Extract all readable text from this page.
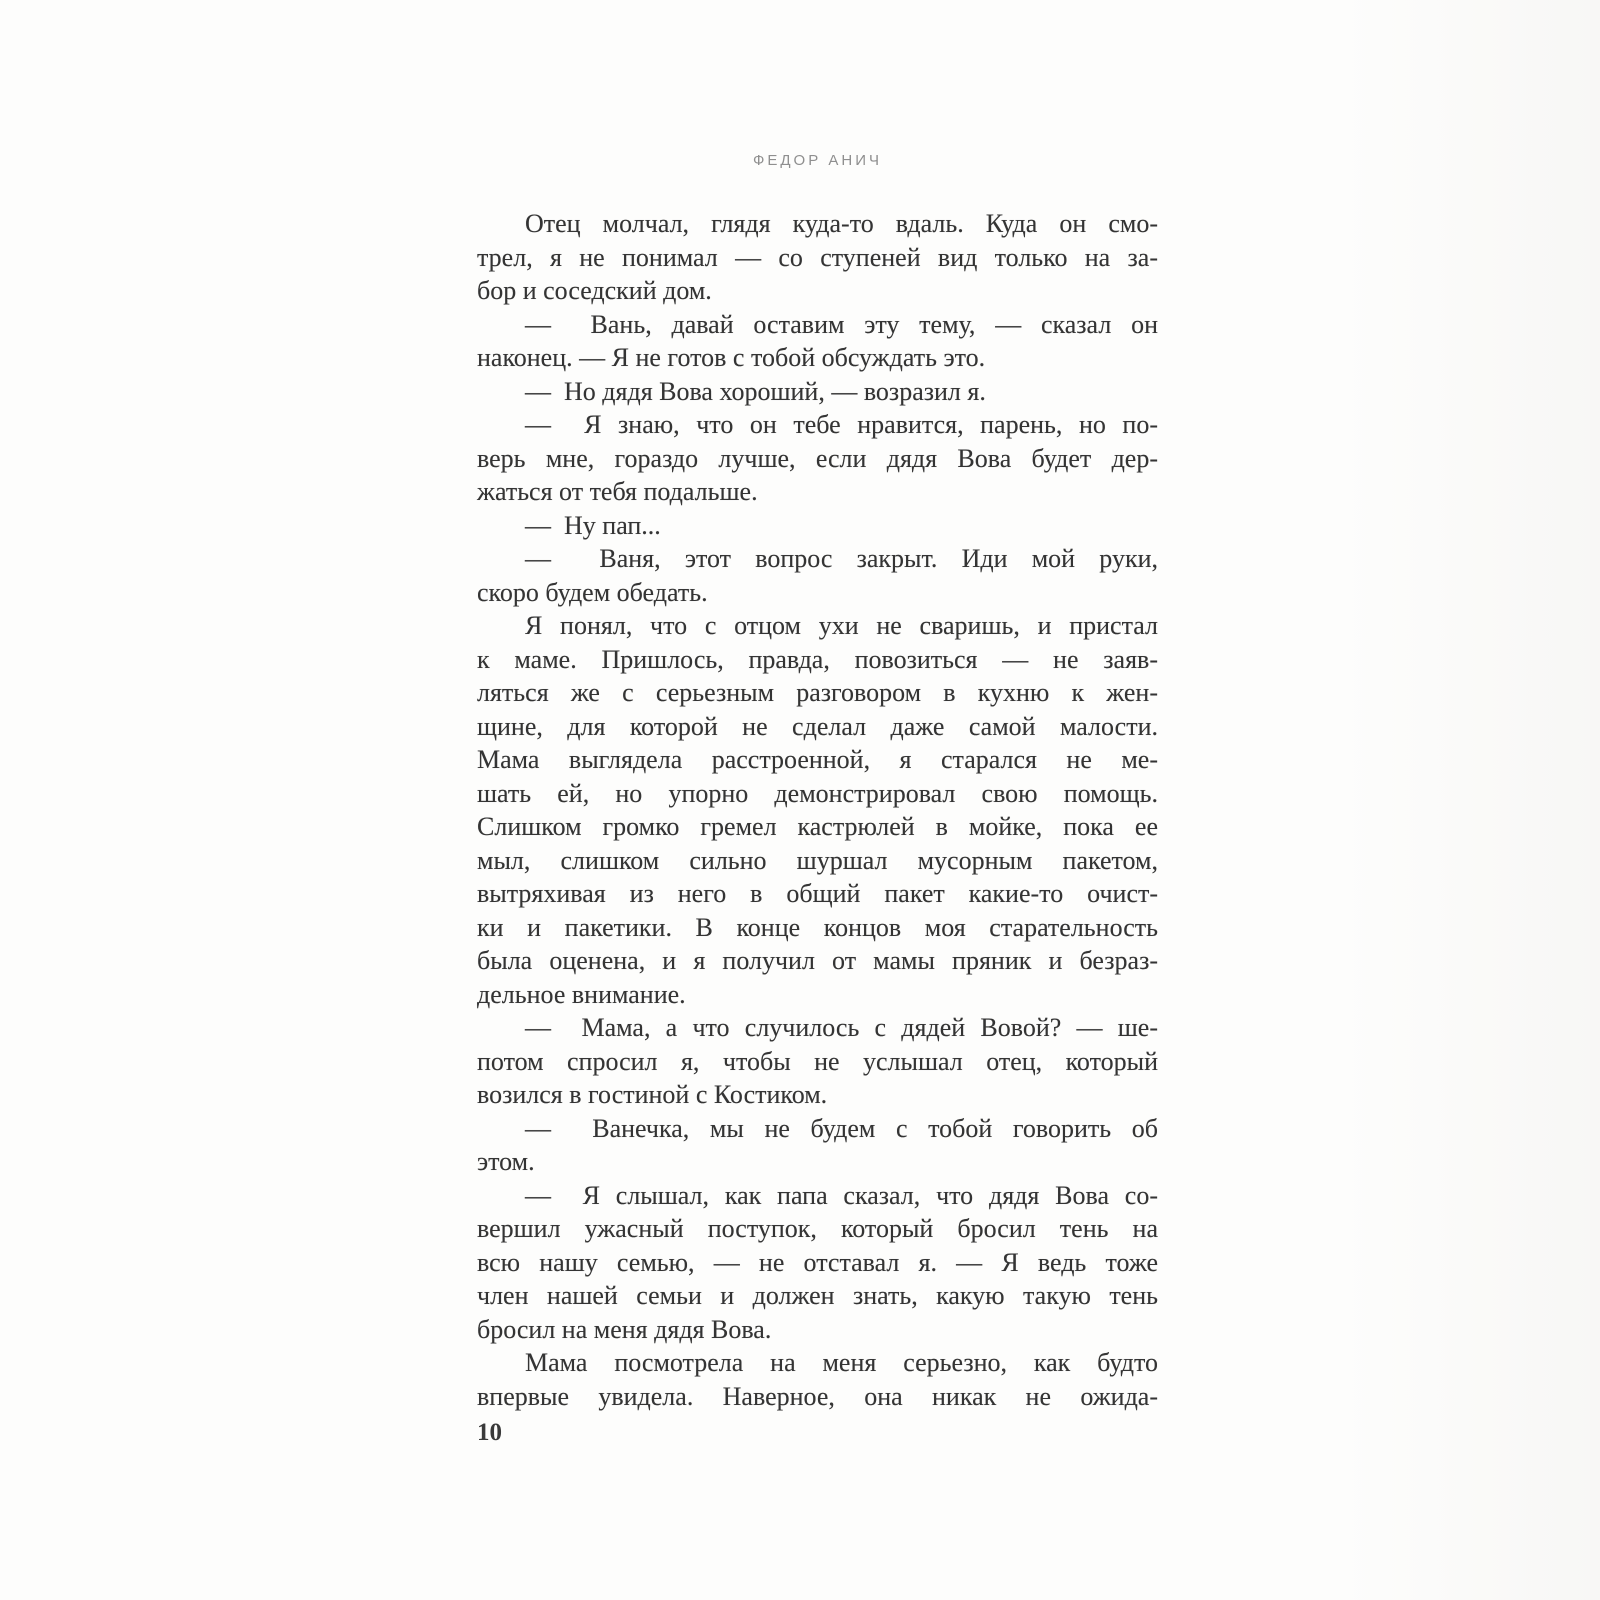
ФЕДОР АНИЧ
Отец молчал, глядя куда-то вдаль. Куда он смо-
трел, я не понимал — со ступеней вид только на за-
бор и соседский дом.
—  Вань, давай оставим эту тему, — сказал он
наконец. — Я не готов с тобой обсуждать это.
—  Но дядя Вова хороший, — возразил я.
—  Я знаю, что он тебе нравится, парень, но по-
верь мне, гораздо лучше, если дядя Вова будет дер-
жаться от тебя подальше.
—  Ну пап...
—  Ваня, этот вопрос закрыт. Иди мой руки,
скоро будем обедать.
Я понял, что с отцом ухи не сваришь, и пристал
к маме. Пришлось, правда, повозиться — не заяв-
ляться же с серьезным разговором в кухню к жен-
щине, для которой не сделал даже самой малости.
Мама выглядела расстроенной, я старался не ме-
шать ей, но упорно демонстрировал свою помощь.
Слишком громко гремел кастрюлей в мойке, пока ее
мыл, слишком сильно шуршал мусорным пакетом,
вытряхивая из него в общий пакет какие-то очист-
ки и пакетики. В конце концов моя старательность
была оценена, и я получил от мамы пряник и безраз-
дельное внимание.
—  Мама, а что случилось с дядей Вовой? — ше-
потом спросил я, чтобы не услышал отец, который
возился в гостиной с Костиком.
—  Ванечка, мы не будем с тобой говорить об
этом.
—  Я слышал, как папа сказал, что дядя Вова со-
вершил ужасный поступок, который бросил тень на
всю нашу семью, — не отставал я. — Я ведь тоже
член нашей семьи и должен знать, какую такую тень
бросил на меня дядя Вова.
Мама посмотрела на меня серьезно, как будто
впервые увидела. Наверное, она никак не ожида-
10
